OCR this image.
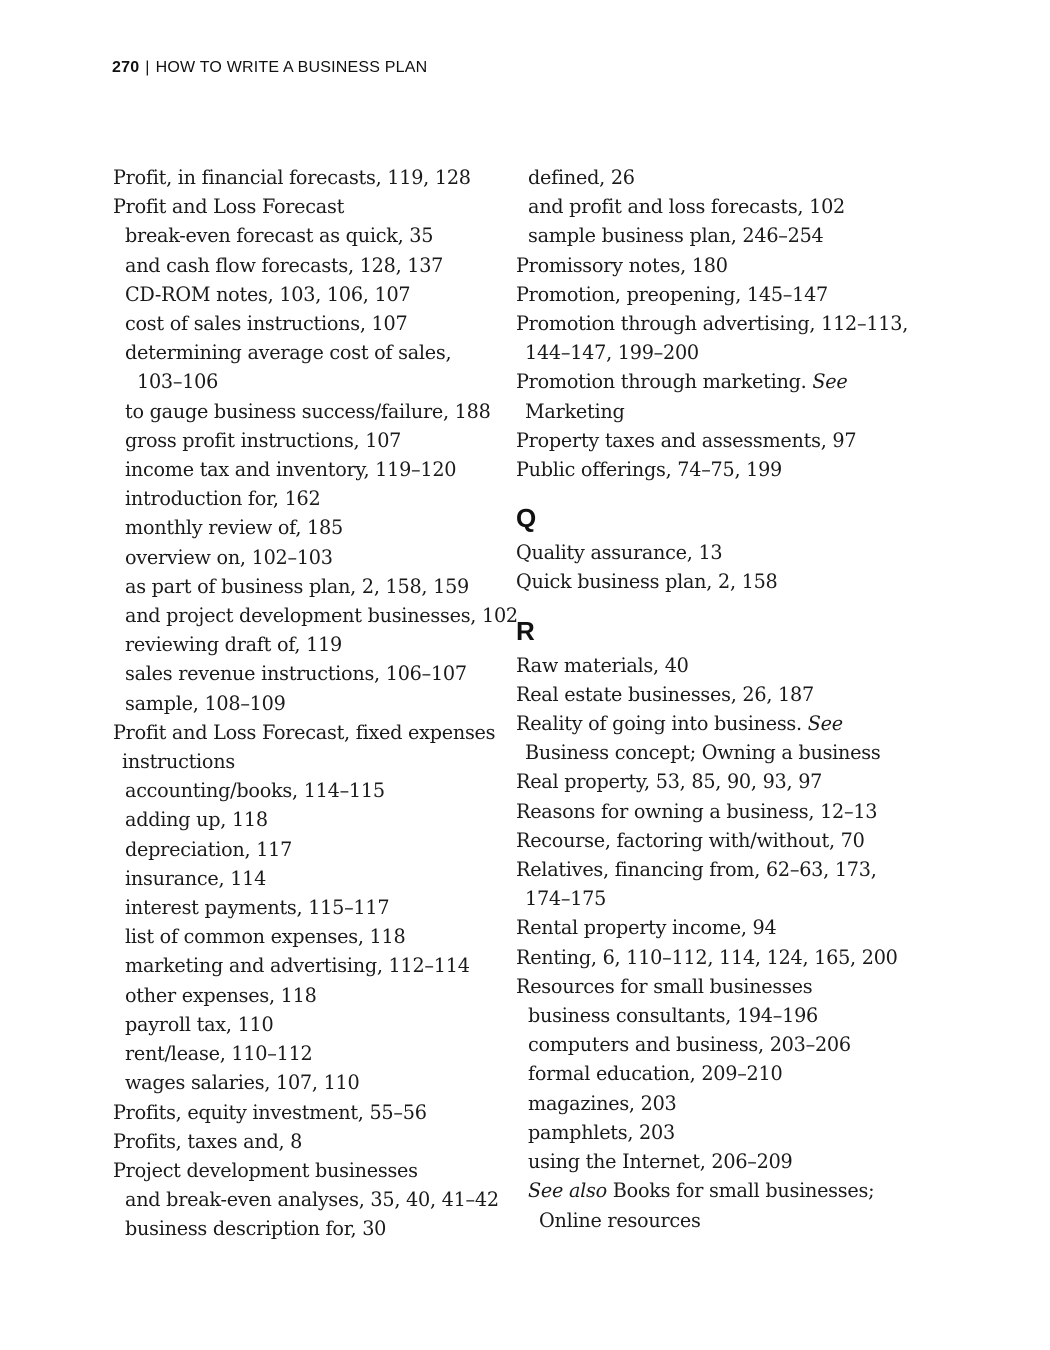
270 | HOW TO WRITE A BUSINESS PLAN
Profit, in financial forecasts, 119, 128
Profit and Loss Forecast
break-even forecast as quick, 35
and cash flow forecasts, 128, 137
CD-ROM notes, 103, 106, 107
cost of sales instructions, 107
determining average cost of sales,
103–106
to gauge business success/failure, 188
gross profit instructions, 107
income tax and inventory, 119–120
introduction for, 162
monthly review of, 185
overview on, 102–103
as part of business plan, 2, 158, 159
and project development businesses, 102
reviewing draft of, 119
sales revenue instructions, 106–107
sample, 108–109
Profit and Loss Forecast, fixed expenses
instructions
accounting/books, 114–115
adding up, 118
depreciation, 117
insurance, 114
interest payments, 115–117
list of common expenses, 118
marketing and advertising, 112–114
other expenses, 118
payroll tax, 110
rent/lease, 110–112
wages salaries, 107, 110
Profits, equity investment, 55–56
Profits, taxes and, 8
Project development businesses
and break-even analyses, 35, 40, 41–42
business description for, 30
defined, 26
and profit and loss forecasts, 102
sample business plan, 246–254
Promissory notes, 180
Promotion, preopening, 145–147
Promotion through advertising, 112–113,
144–147, 199–200
Promotion through marketing. See
Marketing
Property taxes and assessments, 97
Public offerings, 74–75, 199
Q
Quality assurance, 13
Quick business plan, 2, 158
R
Raw materials, 40
Real estate businesses, 26, 187
Reality of going into business. See
Business concept; Owning a business
Real property, 53, 85, 90, 93, 97
Reasons for owning a business, 12–13
Recourse, factoring with/without, 70
Relatives, financing from, 62–63, 173,
174–175
Rental property income, 94
Renting, 6, 110–112, 114, 124, 165, 200
Resources for small businesses
business consultants, 194–196
computers and business, 203–206
formal education, 209–210
magazines, 203
pamphlets, 203
using the Internet, 206–209
See also Books for small businesses;
Online resources
